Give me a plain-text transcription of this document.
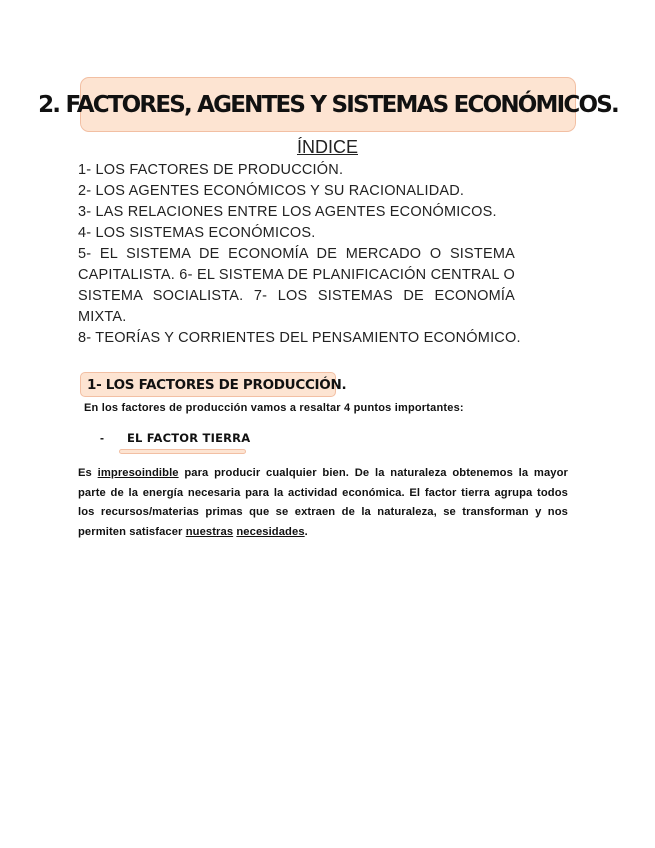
2. FACTORES, AGENTES Y SISTEMAS ECONÓMICOS.
ÍNDICE
1- LOS FACTORES DE PRODUCCIÓN.
2- LOS AGENTES ECONÓMICOS Y SU RACIONALIDAD.
3- LAS RELACIONES ENTRE LOS AGENTES ECONÓMICOS.
4- LOS SISTEMAS ECONÓMICOS.
5- EL SISTEMA DE ECONOMÍA DE MERCADO O SISTEMA CAPITALISTA. 6- EL SISTEMA DE PLANIFICACIÓN CENTRAL O SISTEMA SOCIALISTA. 7- LOS SISTEMAS DE ECONOMÍA MIXTA.
8- TEORÍAS Y CORRIENTES DEL PENSAMIENTO ECONÓMICO.
1- LOS FACTORES DE PRODUCCIÓN.
En los factores de producción vamos a resaltar 4 puntos importantes:
- EL FACTOR TIERRA
Es impresoindible para producir cualquier bien. De la naturaleza obtenemos la mayor parte de la energía necesaria para la actividad económica. El factor tierra agrupa todos los recursos/materias primas que se extraen de la naturaleza, se transforman y nos permiten satisfacer nuestras necesidades.
